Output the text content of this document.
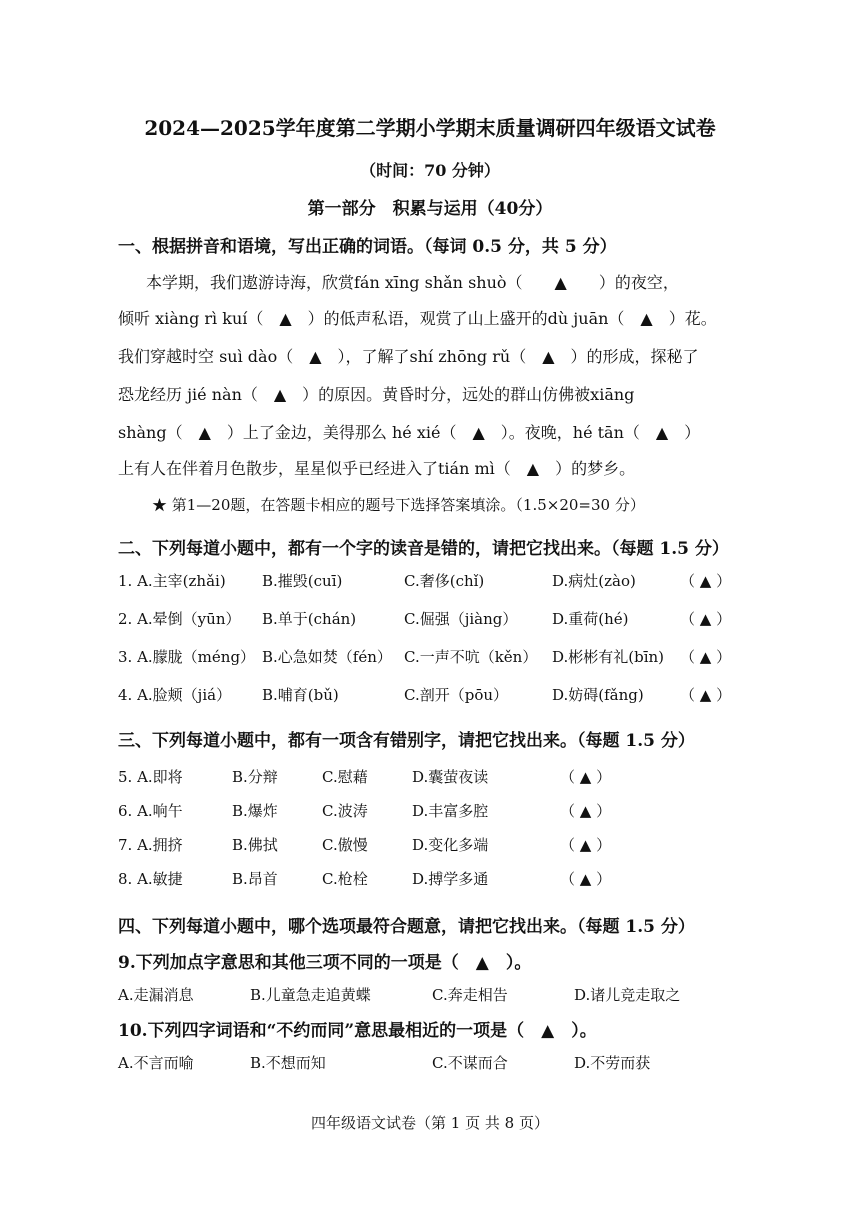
2024—2025学年度第二学期小学期末质量调研四年级语文试卷
（时间：70 分钟）
第一部分　积累与运用（40分）
一、根据拼音和语境，写出正确的词语。（每词 0.5 分，共 5 分）
　本学期，我们遨游诗海，欣赏fán xīng shǎn shuò（　　▲　　）的夜空，
倾听 xiàng rì kuí（　▲　）的低声私语，观赏了山上盛开的dù juān（　▲　）花。
我们穿越时空 suì dào（　▲　），了解了shí zhōng rǔ（　▲　）的形成，探秘了
恐龙经历 jié nàn（　▲　）的原因。黄昏时分，远处的群山仿佛被xiāng
shàng（　▲　）上了金边，美得那么 hé xié（　▲　）。夜晚，hé tān（　▲　）
上有人在伴着月色散步，星星似乎已经进入了tián mì（　▲　）的梦乡。
★ 第1—20题，在答题卡相应的题号下选择答案填涂。（1.5×20=30 分）
二、下列每道小题中，都有一个字的读音是错的，请把它找出来。（每题 1.5 分）
1. A.主宰(zhǎi) B.摧毁(cuī)	C.奢侈(chǐ)	D.病灶(zào)	（ ▲ ）
2. A.晕倒（yūn） B.单于(chán)	C.倔强（jiàng） D.重荷(hé)	（ ▲ ）
3. A.朦胧（méng） B.心急如焚（fén） C.一声不吭（kěn） D.彬彬有礼(bīn) （ ▲ ）
4. A.脸颊（jiá） B.哺育(bǔ)	C.剖开（pōu）	D.妨碍(fǎng) （ ▲ ）
三、下列每道小题中，都有一项含有错别字，请把它找出来。（每题 1.5 分）
5. A.即将	B.分辩	C.慰藉	D.囊萤夜读	（ ▲ ）
6. A.响午	B.爆炸	C.波涛	D.丰富多腔	（ ▲ ）
7. A.拥挤	B.佛拭	C.傲慢	D.变化多端	（ ▲ ）
8. A.敏捷	B.昂首	C.枪栓	D.搏学多通	（ ▲ ）
四、下列每道小题中，哪个选项最符合题意，请把它找出来。（每题 1.5 分）
9.下列加点字意思和其他三项不同的一项是（　▲　）。
A.走漏消息	B.儿童急走追黄蝶	C.奔走相告	D.诸儿竞走取之
10.下列四字词语和“不约而同”意思最相近的一项是（　▲　）。
A.不言而喻	B.不想而知	C.不谋而合	D.不劳而获
四年级语文试卷（第 1 页 共 8 页）
